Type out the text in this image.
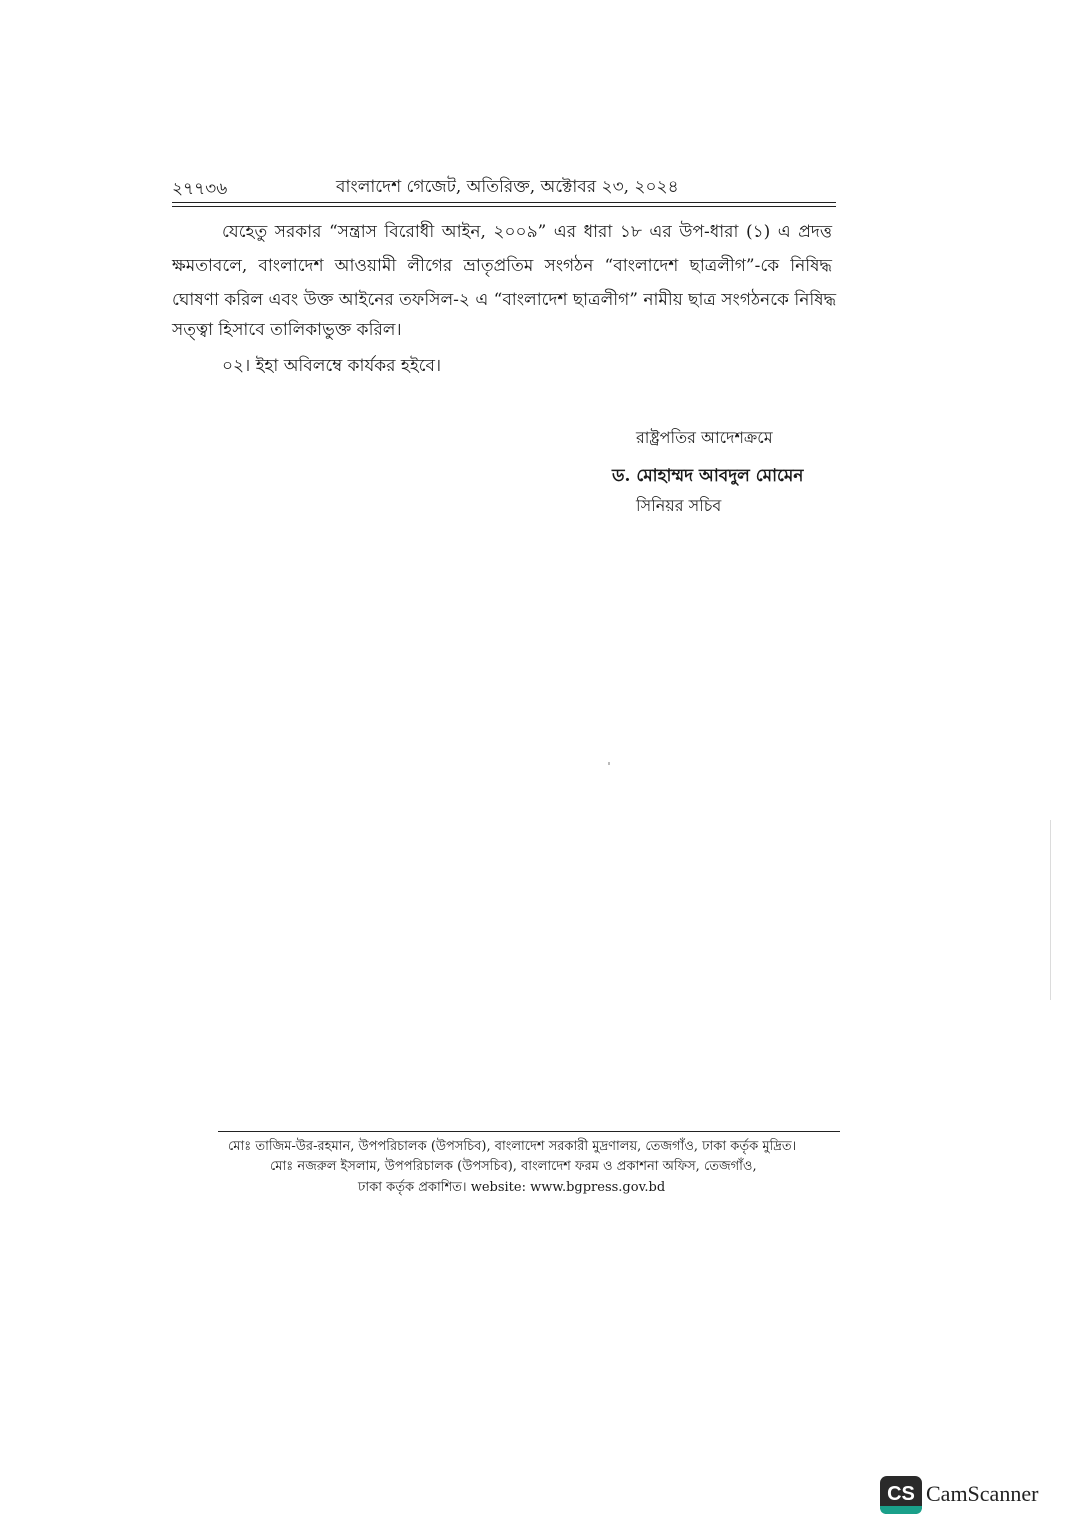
২৭৭৩৬	বাংলাদেশ গেজেট, অতিরিক্ত, অক্টোবর ২৩, ২০২৪
যেহেতু সরকার “সন্ত্রাস বিরোধী আইন, ২০০৯” এর ধারা ১৮ এর উপ-ধারা (১) এ প্রদত্ত
ক্ষমতাবলে, বাংলাদেশ আওয়ামী লীগের ভ্রাতৃপ্রতিম সংগঠন “বাংলাদেশ ছাত্রলীগ”-কে নিষিদ্ধ
ঘোষণা করিল এবং উক্ত আইনের তফসিল-২ এ “বাংলাদেশ ছাত্রলীগ” নামীয় ছাত্র সংগঠনকে নিষিদ্ধ
সত্ত্বা হিসাবে তালিকাভুক্ত করিল।
০২। ইহা অবিলম্বে কার্যকর হইবে।
রাষ্ট্রপতির আদেশক্রমে
ড. মোহাম্মদ আবদুল মোমেন
সিনিয়র সচিব
মোঃ তাজিম-উর-রহমান, উপপরিচালক (উপসচিব), বাংলাদেশ সরকারী মুদ্রণালয়, তেজগাঁও, ঢাকা কর্তৃক মুদ্রিত।
মোঃ নজরুল ইসলাম, উপপরিচালক (উপসচিব), বাংলাদেশ ফরম ও প্রকাশনা অফিস, তেজগাঁও,
ঢাকা কর্তৃক প্রকাশিত। website: www.bgpress.gov.bd
CS CamScanner
